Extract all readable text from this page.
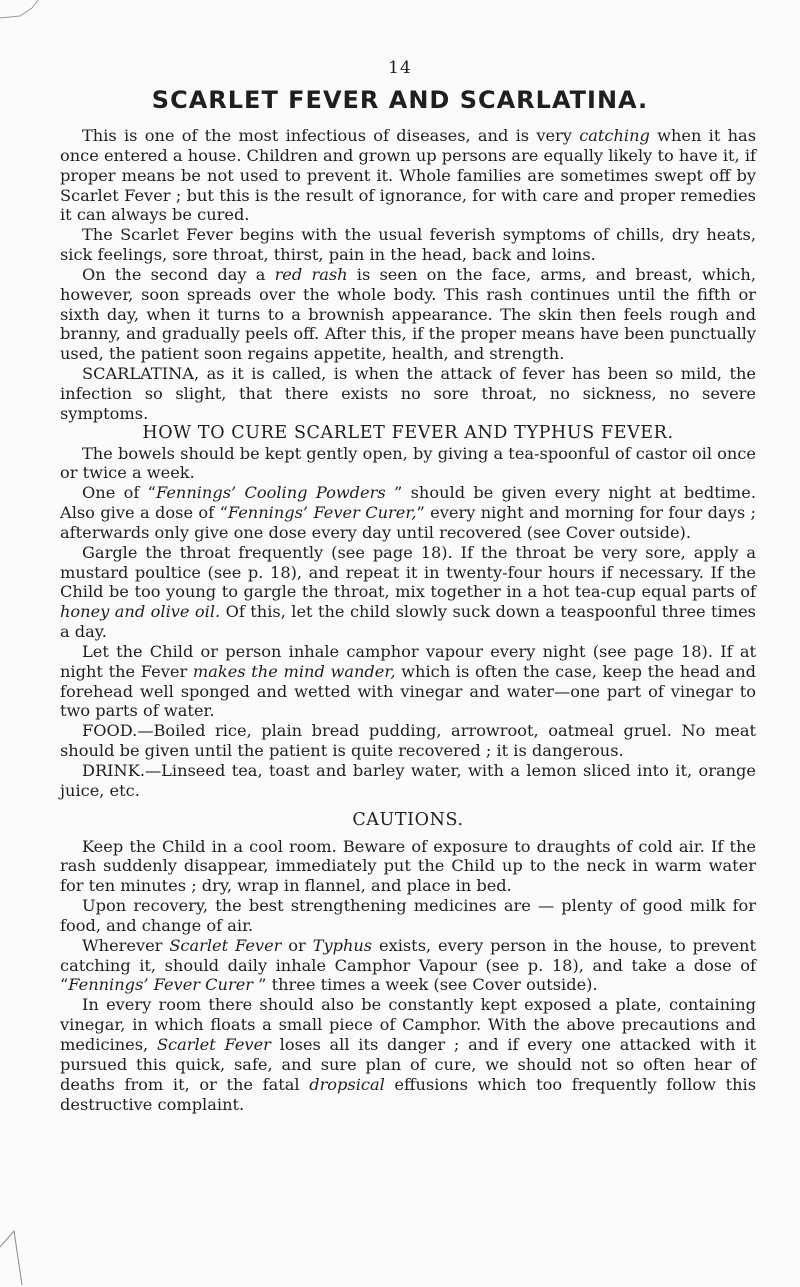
14
SCARLET FEVER AND SCARLATINA.

This is one of the most infectious of diseases, and is very catching when it has once entered a house. Children and grown up persons are equally likely to have it, if proper means be not used to prevent it. Whole families are sometimes swept off by Scarlet Fever ; but this is the result of ignorance, for with care and proper remedies it can always be cured.

The Scarlet Fever begins with the usual feverish symptoms of chills, dry heats, sick feelings, sore throat, thirst, pain in the head, back and loins.

On the second day a red rash is seen on the face, arms, and breast, which, however, soon spreads over the whole body. This rash continues until the fifth or sixth day, when it turns to a brownish appearance. The skin then feels rough and branny, and gradually peels off. After this, if the proper means have been punctually used, the patient soon regains appetite, health, and strength.

SCARLATINA, as it is called, is when the attack of fever has been so mild, the infection so slight, that there exists no sore throat, no sickness, no severe symptoms.

HOW TO CURE SCARLET FEVER AND TYPHUS FEVER.

The bowels should be kept gently open, by giving a tea-spoonful of castor oil once or twice a week.

One of “Fennings’ Cooling Powders ” should be given every night at bedtime. Also give a dose of “Fennings’ Fever Curer,” every night and morning for four days ; afterwards only give one dose every day until recovered (see Cover outside).

Gargle the throat frequently (see page 18). If the throat be very sore, apply a mustard poultice (see p. 18), and repeat it in twenty-four hours if necessary. If the Child be too young to gargle the throat, mix together in a hot tea-cup equal parts of honey and olive oil. Of this, let the child slowly suck down a teaspoonful three times a day.

Let the Child or person inhale camphor vapour every night (see page 18). If at night the Fever makes the mind wander, which is often the case, keep the head and forehead well sponged and wetted with vinegar and water—one part of vinegar to two parts of water.

FOOD.—Boiled rice, plain bread pudding, arrowroot, oatmeal gruel. No meat should be given until the patient is quite recovered ; it is dangerous.

DRINK.—Linseed tea, toast and barley water, with a lemon sliced into it, orange juice, etc.

CAUTIONS.

Keep the Child in a cool room. Beware of exposure to draughts of cold air. If the rash suddenly disappear, immediately put the Child up to the neck in warm water for ten minutes ; dry, wrap in flannel, and place in bed.

Upon recovery, the best strengthening medicines are — plenty of good milk for food, and change of air.

Wherever Scarlet Fever or Typhus exists, every person in the house, to prevent catching it, should daily inhale Camphor Vapour (see p. 18), and take a dose of “Fennings’ Fever Curer ” three times a week (see Cover outside).

In every room there should also be constantly kept exposed a plate, containing vinegar, in which floats a small piece of Camphor. With the above precautions and medicines, Scarlet Fever loses all its danger ; and if every one attacked with it pursued this quick, safe, and sure plan of cure, we should not so often hear of deaths from it, or the fatal dropsical effusions which too frequently follow this destructive complaint.
